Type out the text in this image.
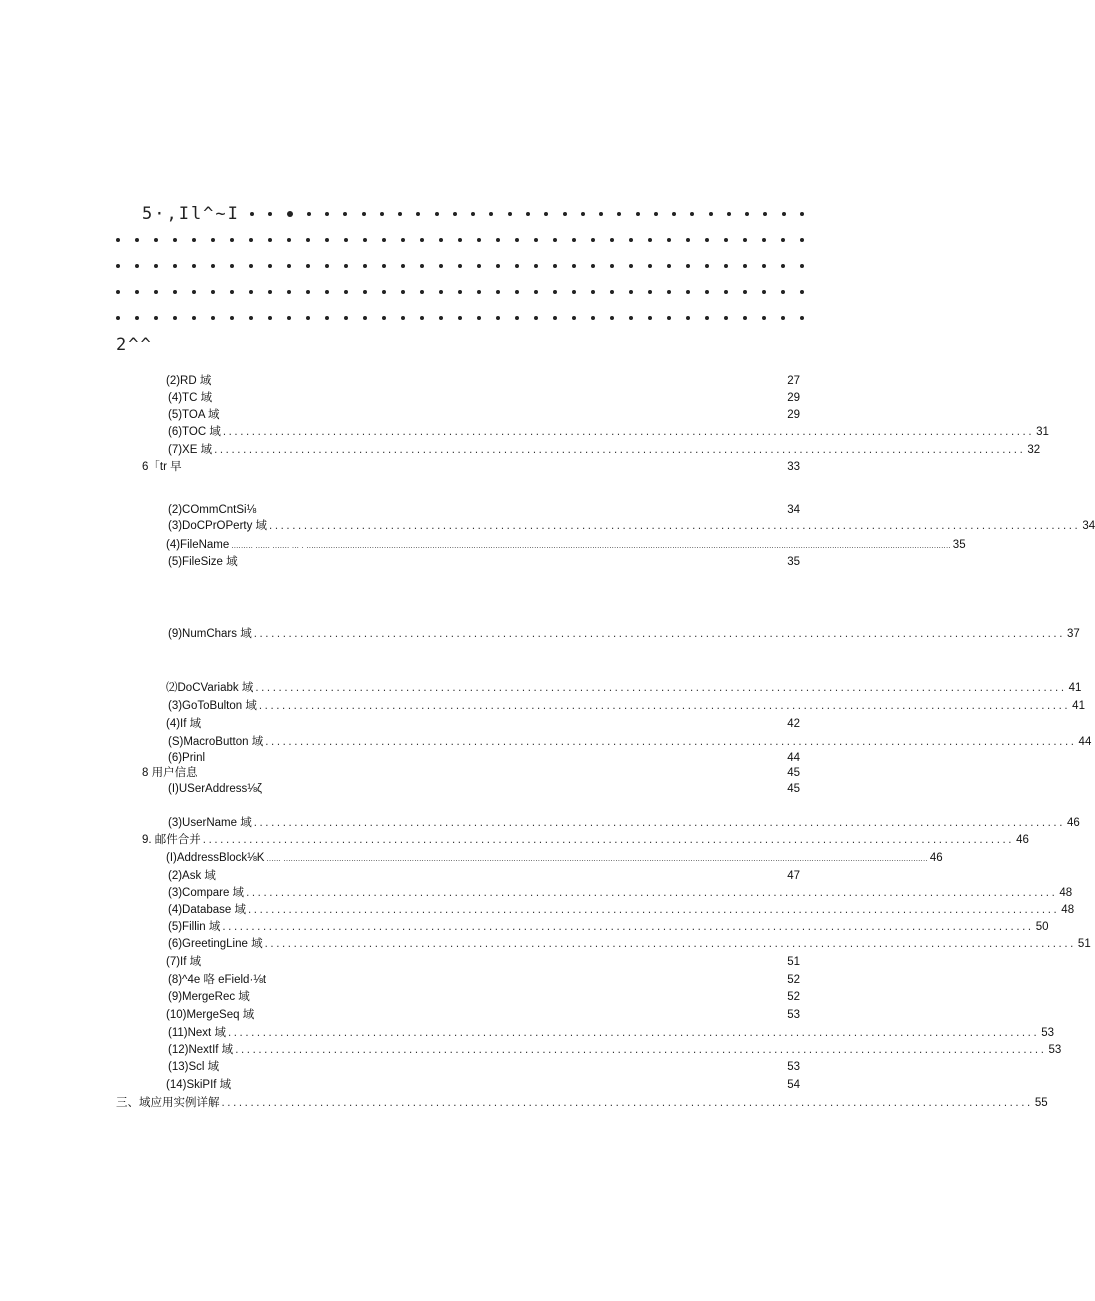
5·,Il^~I
2^^
(2)RD 域	27
(4)TC 域	29
(5)TOA 域	29
(6)TOC 域 ............................................................................................................................................ 31
(7)XE 域 ............................................................................................................................................ 32
6「tr 早	33
(2)COmmCntSi⅛	34
(3)DoCPrOPerty 域 ............................................................................................................................................ 34
(4)FileName ......... ...... ....... ... . .......................................................................................................................................................................................................................................................................... 35
(5)FileSize 域	35
(9)NumChars 域 ............................................................................................................................................ 37
⑵DoCVariabk 域 ............................................................................................................................................ 41
(3)GoToBulton 域 ............................................................................................................................................ 41
(4)If 域	42
(S)MacroButton 域 ............................................................................................................................................ 44
(6)Prinl	44
8 用户信息	45
(I)USerAddress⅛ζ	45
(3)UserName 域 ............................................................................................................................................ 46
9. 邮件合并 ............................................................................................................................................ 46
(I)AddressBlock⅛K ...... .......................................................................................................................................................................................................................................................................... 46
(2)Ask 域	47
(3)Compare 域 ............................................................................................................................................ 48
(4)Database 域 ............................................................................................................................................ 48
(5)Fillin 域 ............................................................................................................................................ 50
(6)GreetingLine 域 ............................................................................................................................................ 51
(7)If 域	51
(8)^4e 咯 eField·⅛t	52
(9)MergeRec 域	52
(10)MergeSeq 域	53
(11)Next 域 ............................................................................................................................................ 53
(12)NextIf 域 ............................................................................................................................................ 53
(13)Scl 域	53
(14)SkiPIf 域	54
三、域应用实例详解 ............................................................................................................................................ 55
